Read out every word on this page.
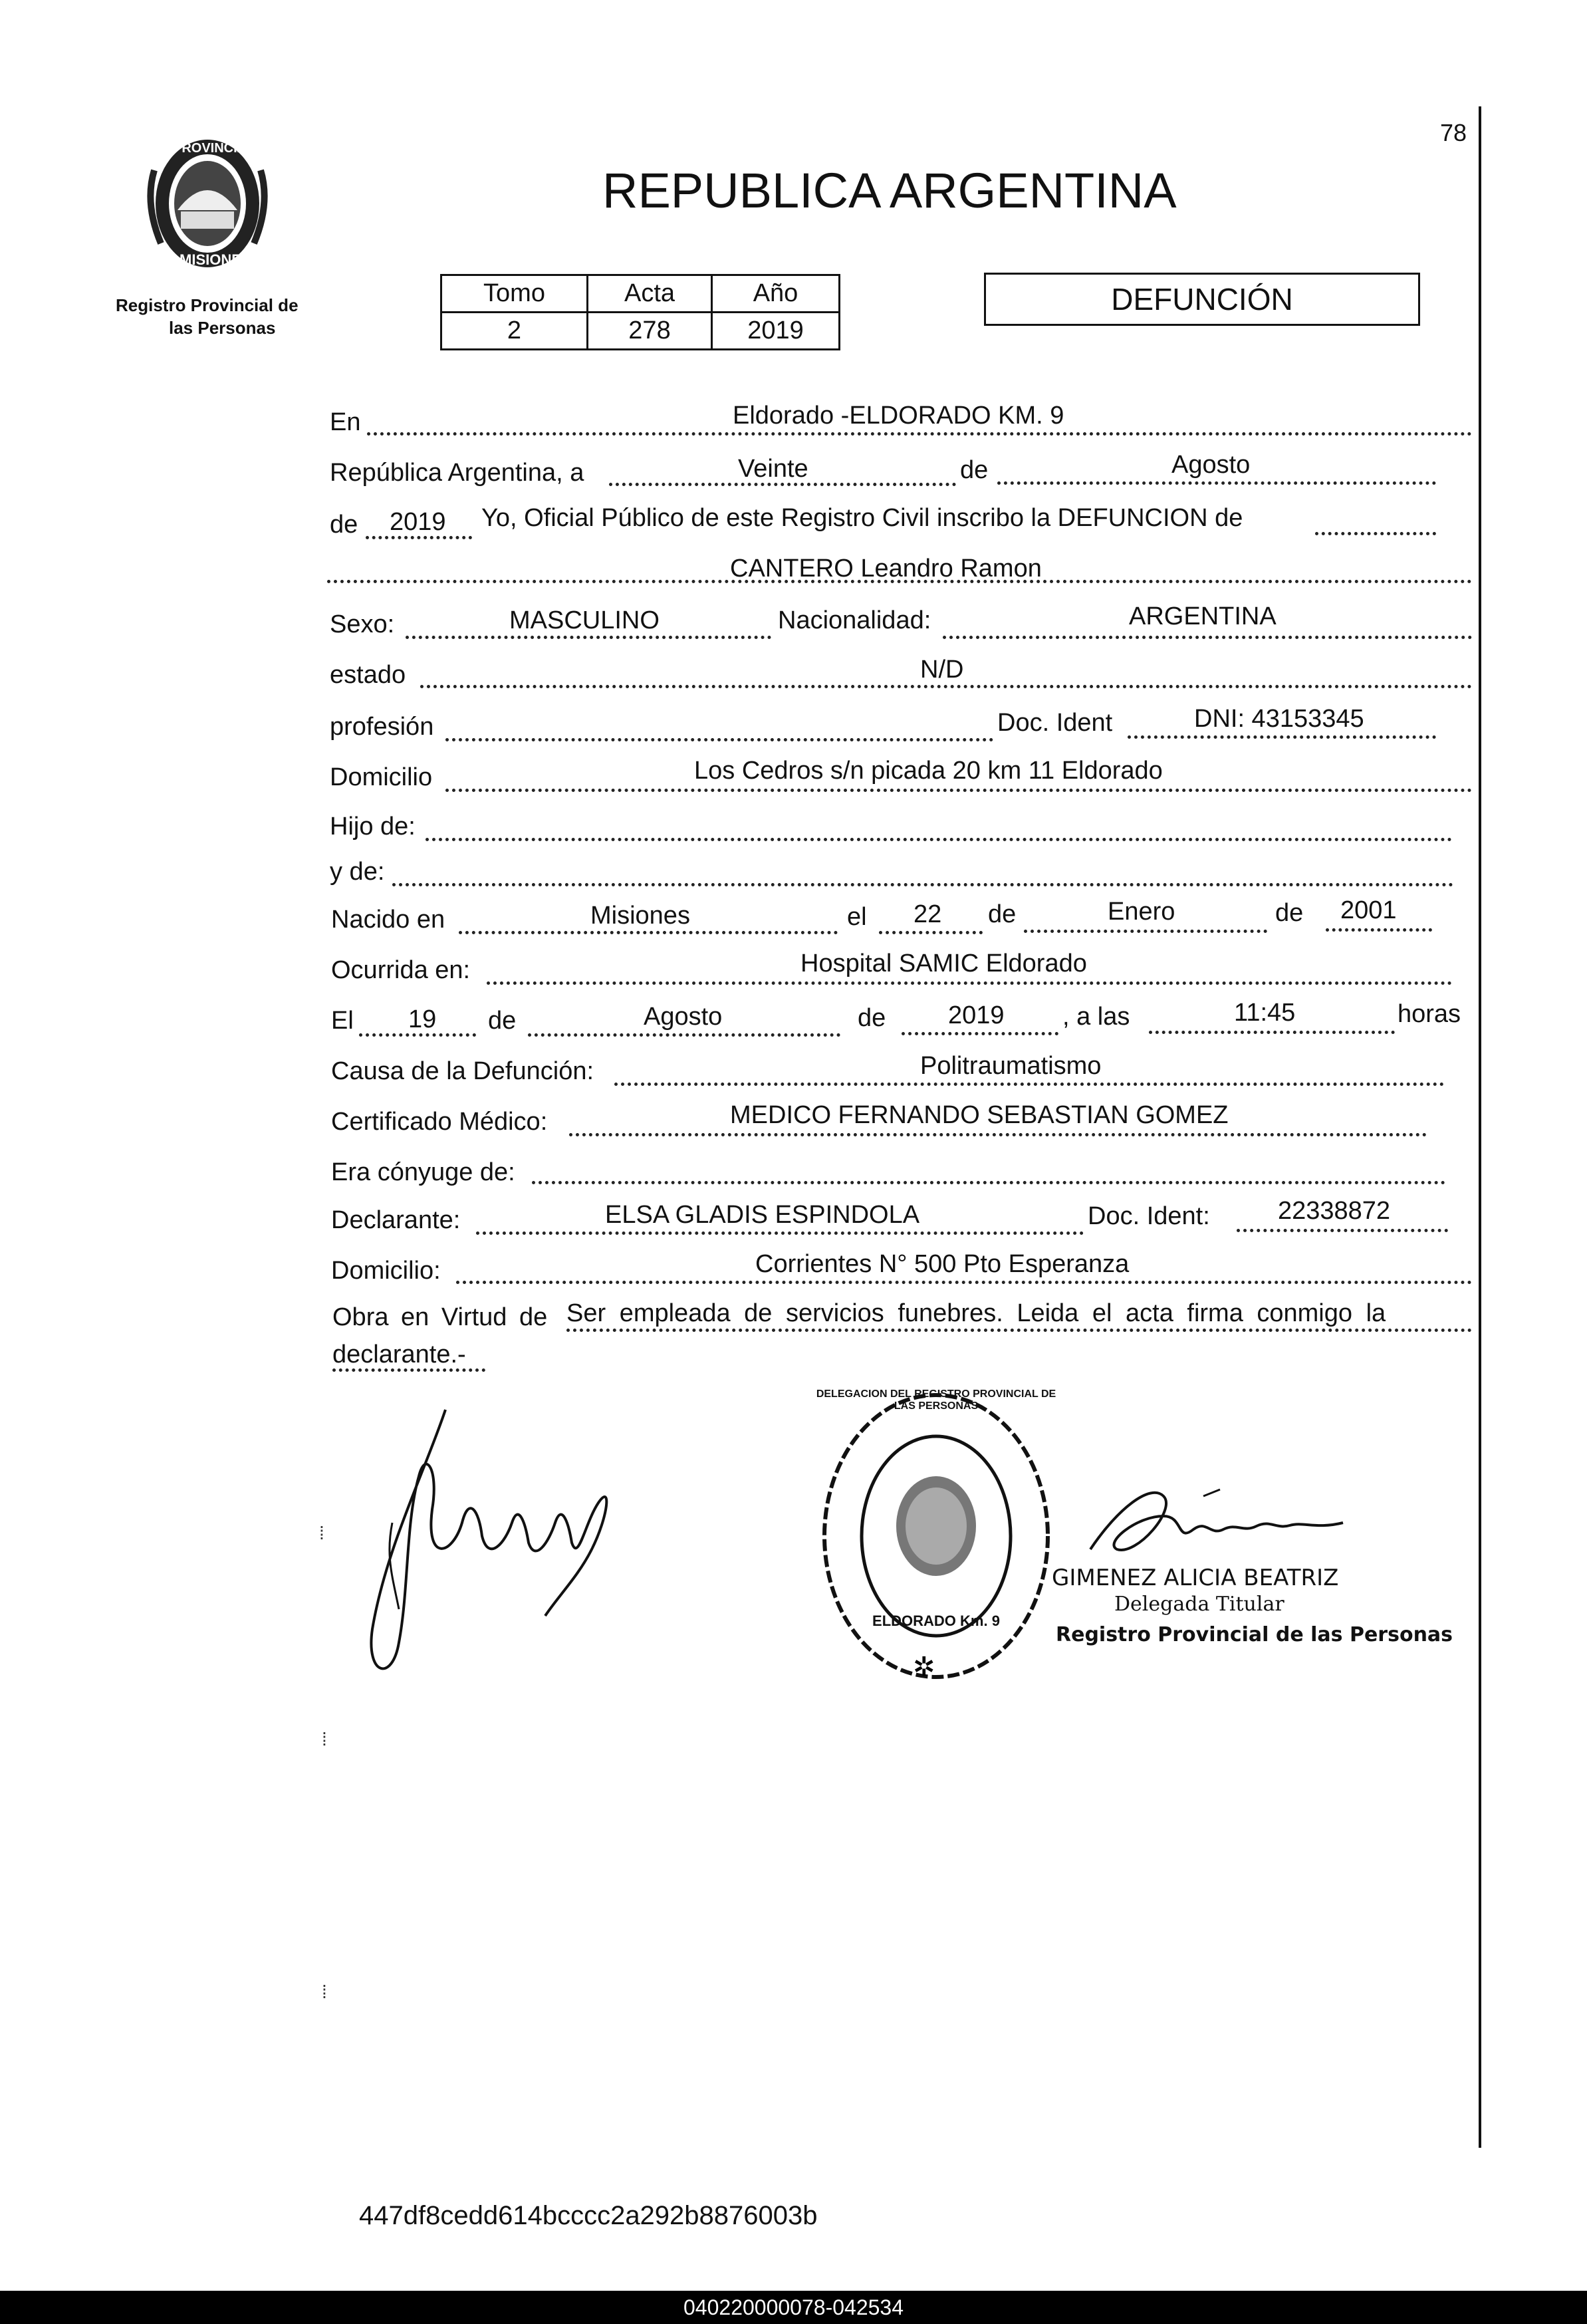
78
PROVINCIA DE
MISIONES
Registro Provincial de
las Personas
REPUBLICA ARGENTINA
Tomo	Acta	Año
2	278	2019
DEFUNCIÓN
En	Eldorado -ELDORADO KM. 9
República Argentina, a	Veinte	de	Agosto
de 2019 Yo, Oficial Público de este Registro Civil inscribo la DEFUNCION de
CANTERO Leandro Ramon
Sexo:	MASCULINO	Nacionalidad:	ARGENTINA
estado	N/D
profesión	Doc. Ident	DNI: 43153345
Domicilio	Los Cedros s/n picada 20 km 11 Eldorado
Hijo de:
y de:
Nacido en	Misiones	el 22 de	Enero	de 2001
Ocurrida en:	Hospital SAMIC Eldorado
El 19 de	Agosto	de 2019 , a las	11:45	horas
Causa de la Defunción:	Politraumatismo
Certificado Médico:	MEDICO FERNANDO SEBASTIAN GOMEZ
Era cónyuge de:
Declarante:	ELSA GLADIS ESPINDOLA	Doc. Ident:	22338872
Domicilio:	Corrientes N° 500 Pto Esperanza
Obra en Virtud de Ser empleada de servicios funebres. Leida el acta firma conmigo la
declarante.-
✲
DELEGACION DEL REGISTRO PROVINCIAL DE LAS PERSONAS
ELDORADO Km. 9
GIMENEZ ALICIA BEATRIZ
Delegada Titular
Registro Provincial de las Personas
⁞
⁞
⁞
447df8cedd614bcccc2a292b8876003b
040220000078-042534
